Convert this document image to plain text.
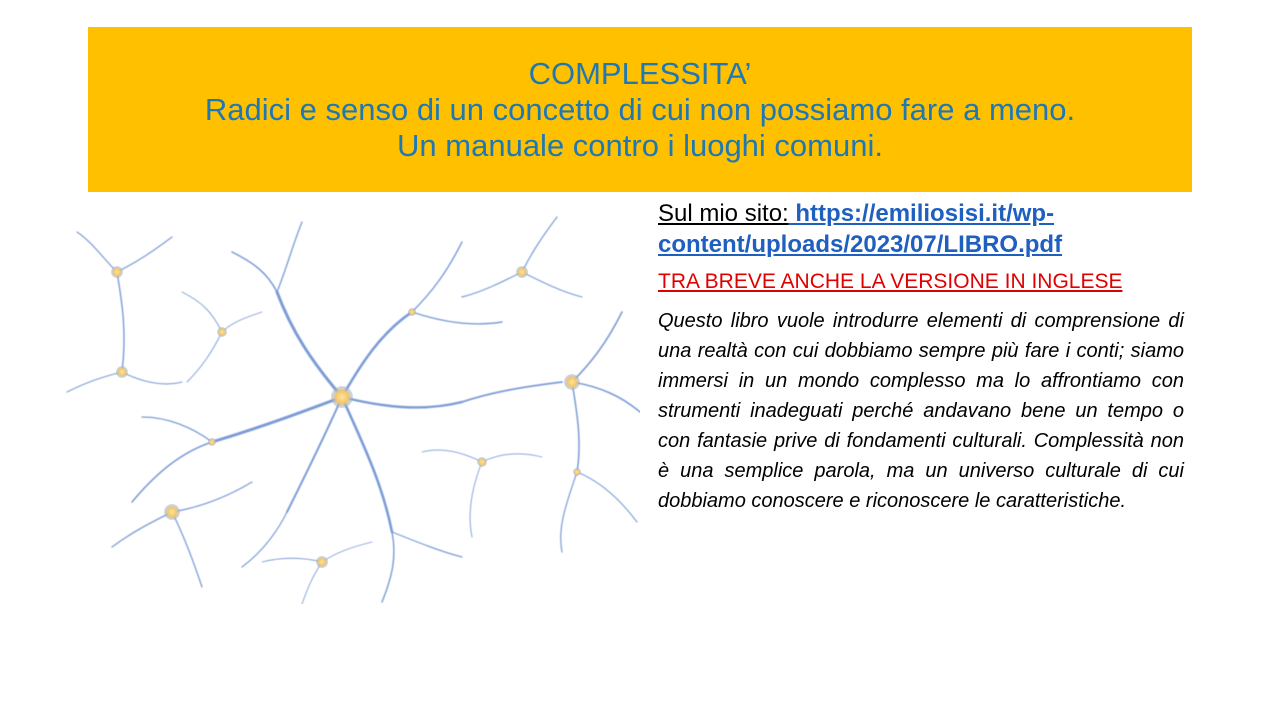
COMPLESSITA’
Radici e senso di un concetto di cui non possiamo fare a meno.
Un manuale contro i luoghi comuni.

Sul mio sito: https://emiliosisi.it/wp-content/uploads/2023/07/LIBRO.pdf

TRA BREVE ANCHE LA VERSIONE IN INGLESE

Questo libro vuole introdurre elementi di comprensione di una realtà con cui dobbiamo sempre più fare i conti; siamo immersi in un mondo complesso ma lo affrontiamo con strumenti inadeguati perché andavano bene un tempo o con fantasie prive di fondamenti culturali. Complessità non è una semplice parola, ma un universo culturale di cui dobbiamo conoscere e riconoscere le caratteristiche.
